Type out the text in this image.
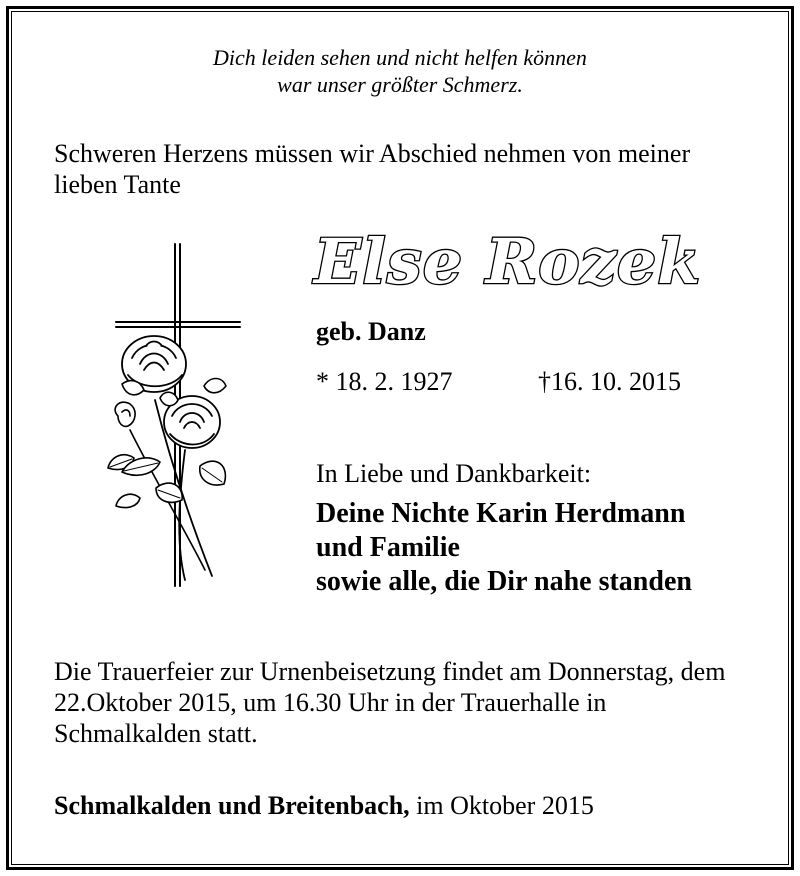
Dich leiden sehen und nicht helfen können
war unser größter Schmerz.
Schweren Herzens müssen wir Abschied nehmen von meiner lieben Tante
Else Rozek
geb. Danz
* 18. 2. 1927	†16. 10. 2015
In Liebe und Dankbarkeit:
Deine Nichte Karin Herdmann
und Familie
sowie alle, die Dir nahe standen
Die Trauerfeier zur Urnenbeisetzung findet am Donnerstag, dem 22.Oktober 2015, um 16.30 Uhr in der Trauerhalle in Schmalkalden statt.
Schmalkalden und Breitenbach, im Oktober 2015
